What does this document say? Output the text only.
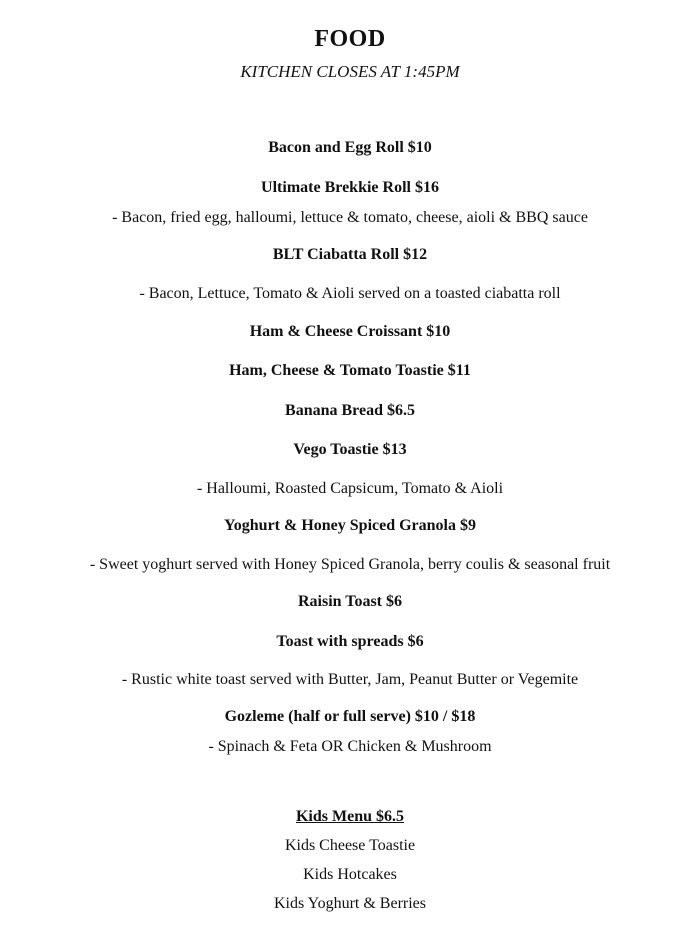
FOOD
KITCHEN CLOSES AT 1:45PM
Bacon and Egg Roll $10
Ultimate Brekkie Roll $16
- Bacon, fried egg, halloumi, lettuce & tomato, cheese, aioli & BBQ sauce
BLT Ciabatta Roll $12
- Bacon, Lettuce, Tomato & Aioli served on a toasted ciabatta roll
Ham & Cheese Croissant $10
Ham, Cheese & Tomato Toastie $11
Banana Bread $6.5
Vego Toastie $13
- Halloumi, Roasted Capsicum, Tomato & Aioli
Yoghurt & Honey Spiced Granola $9
- Sweet yoghurt served with Honey Spiced Granola, berry coulis & seasonal fruit
Raisin Toast $6
Toast with spreads $6
- Rustic white toast served with Butter, Jam, Peanut Butter or Vegemite
Gozleme (half or full serve) $10 / $18
- Spinach & Feta OR Chicken & Mushroom
Kids Menu $6.5
Kids Cheese Toastie
Kids Hotcakes
Kids Yoghurt & Berries
